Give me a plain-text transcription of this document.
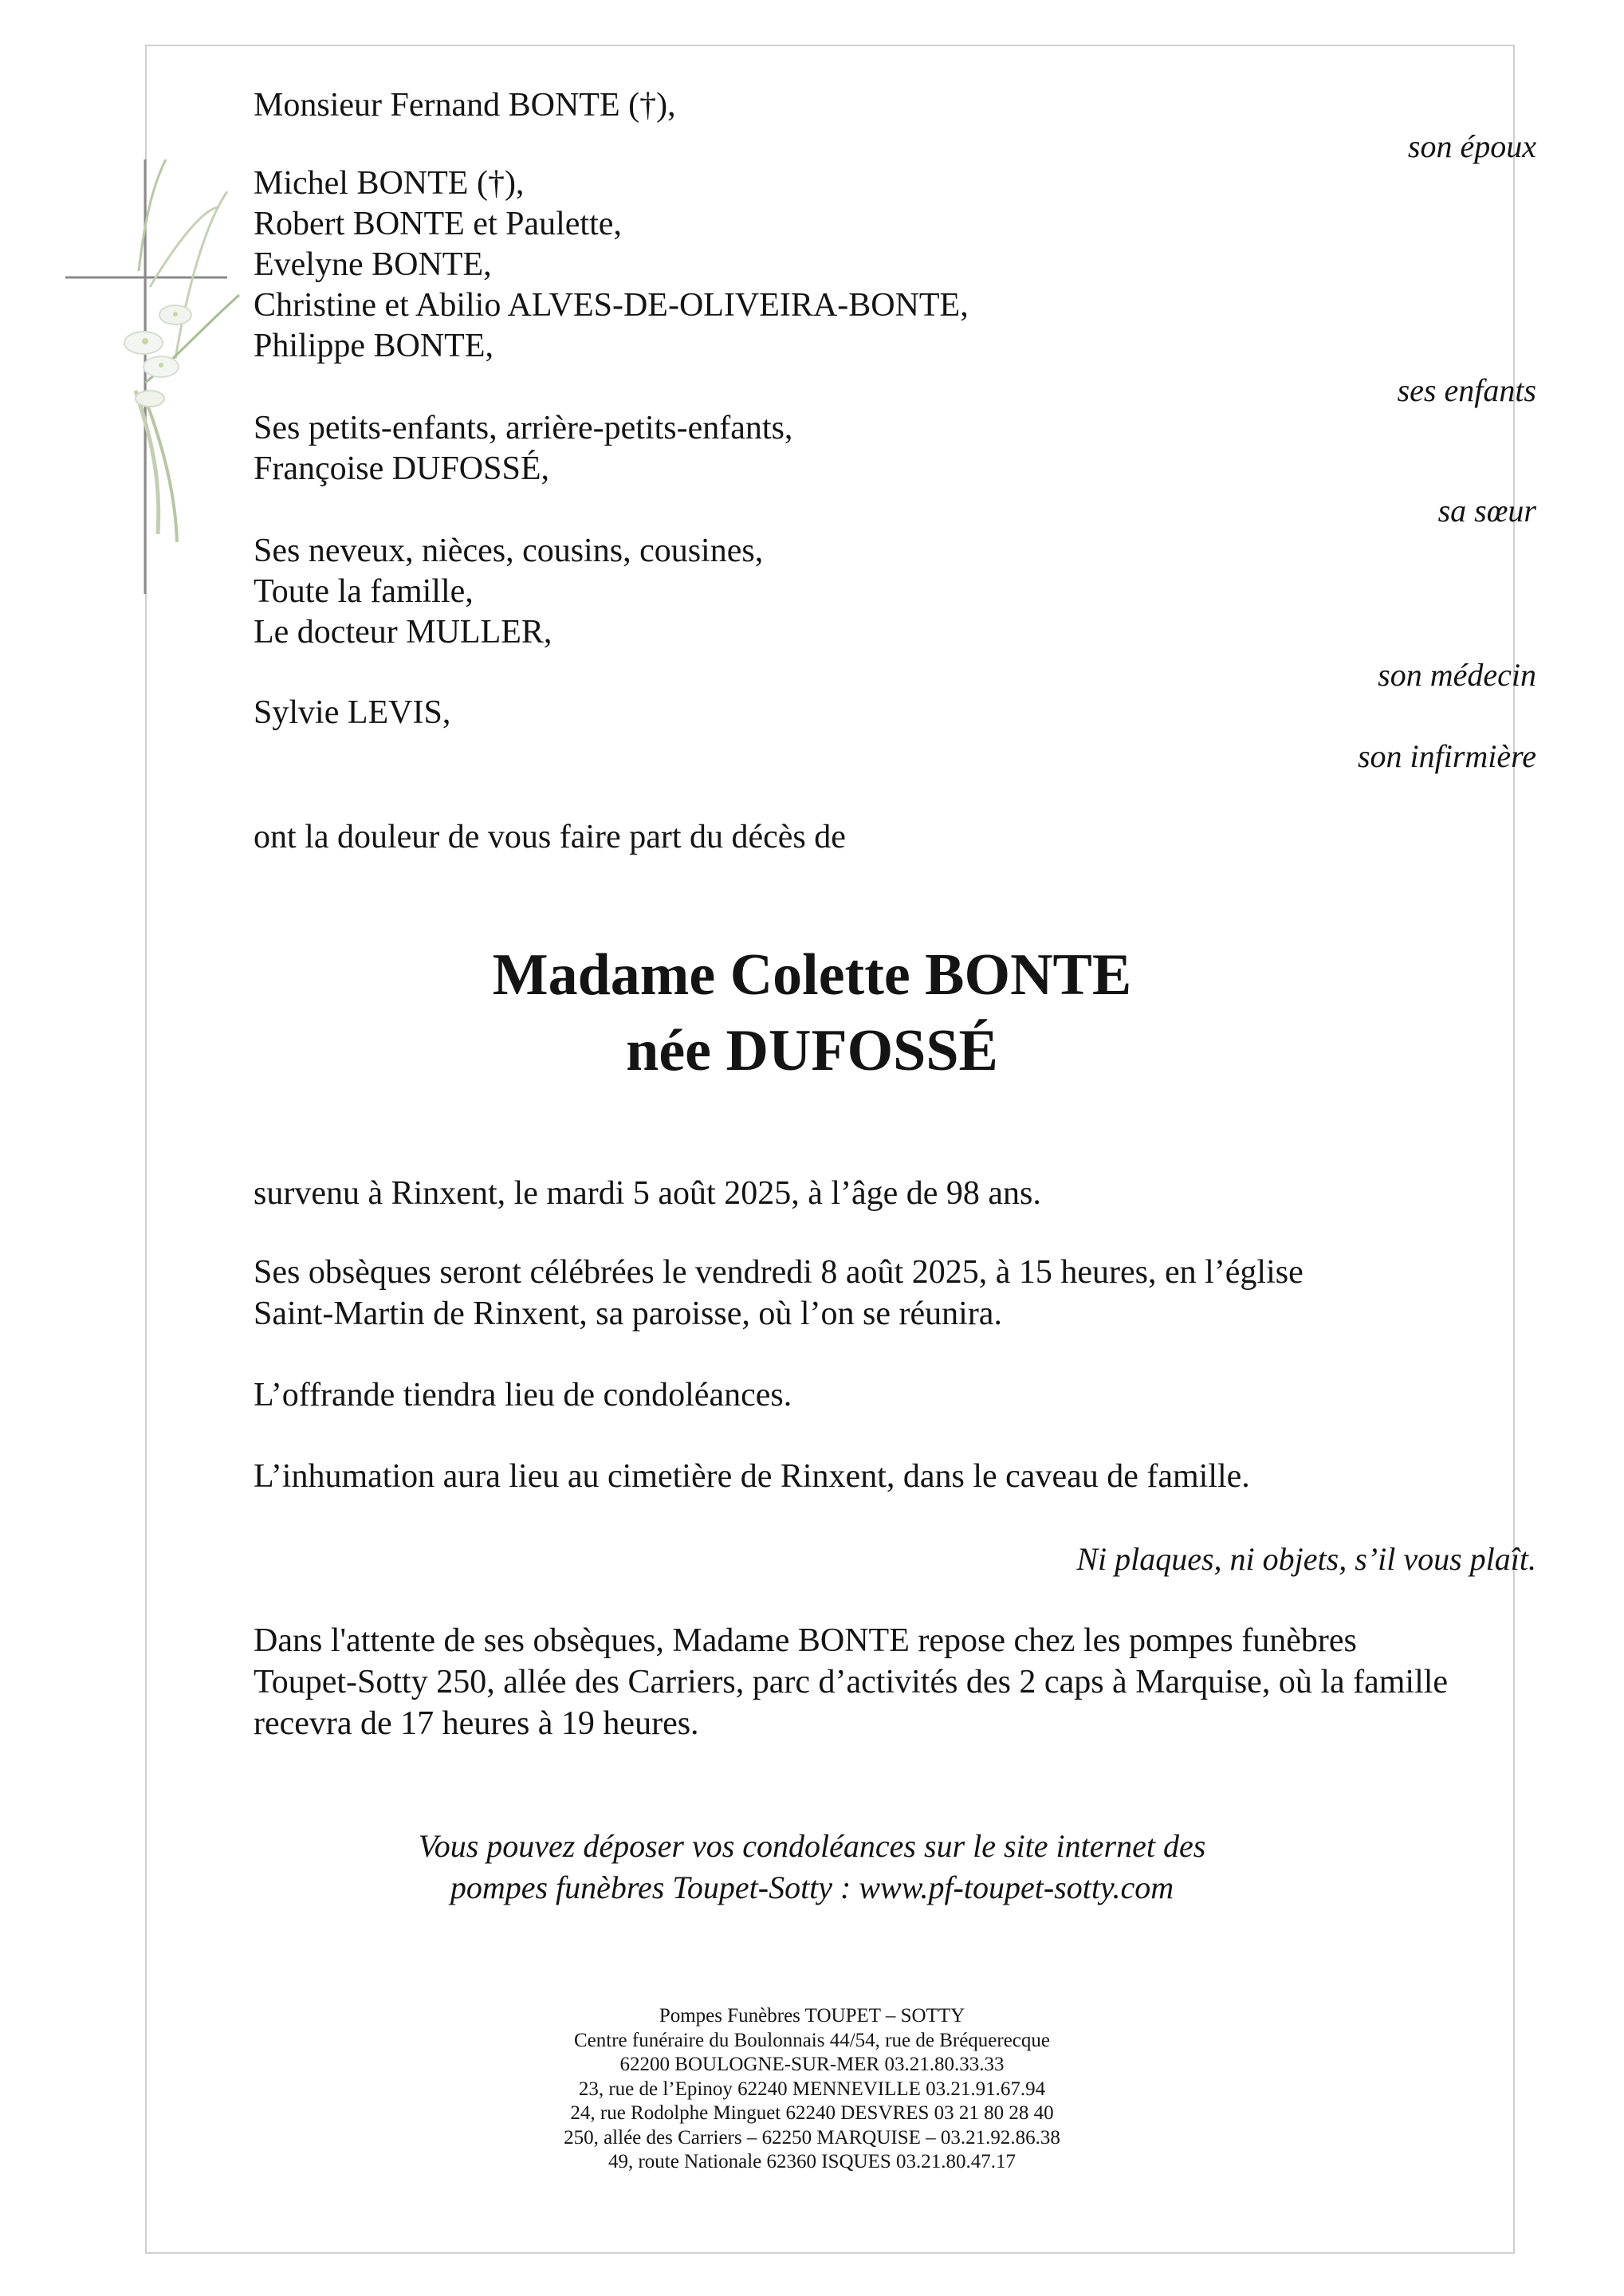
Monsieur Fernand BONTE (†),
son époux
Michel BONTE (†),
Robert BONTE et Paulette,
Evelyne BONTE,
Christine et Abilio ALVES-DE-OLIVEIRA-BONTE,
Philippe BONTE,
ses enfants
Ses petits-enfants, arrière-petits-enfants,
Françoise DUFOSSÉ,
sa sœur
Ses neveux, nièces, cousins, cousines,
Toute la famille,
Le docteur MULLER,
son médecin
Sylvie LEVIS,
son infirmière
ont la douleur de vous faire part du décès de
Madame Colette BONTE
née DUFOSSÉ
survenu à Rinxent, le mardi 5 août 2025, à l’âge de 98 ans.
Ses obsèques seront célébrées le vendredi 8 août 2025, à 15 heures, en l’église
Saint-Martin de Rinxent, sa paroisse, où l’on se réunira.
L’offrande tiendra lieu de condoléances.
L’inhumation aura lieu au cimetière de Rinxent, dans le caveau de famille.
Ni plaques, ni objets, s’il vous plaît.
Dans l'attente de ses obsèques, Madame BONTE repose chez les pompes funèbres
Toupet-Sotty 250, allée des Carriers, parc d’activités des 2 caps à Marquise, où la famille
recevra de 17 heures à 19 heures.
Vous pouvez déposer vos condoléances sur le site internet des
pompes funèbres Toupet-Sotty : www.pf-toupet-sotty.com
Pompes Funèbres TOUPET – SOTTY
Centre funéraire du Boulonnais 44/54, rue de Bréquerecque
62200 BOULOGNE-SUR-MER 03.21.80.33.33
23, rue de l’Epinoy 62240 MENNEVILLE 03.21.91.67.94
24, rue Rodolphe Minguet 62240 DESVRES 03 21 80 28 40
250, allée des Carriers – 62250 MARQUISE – 03.21.92.86.38
49, route Nationale 62360 ISQUES 03.21.80.47.17
